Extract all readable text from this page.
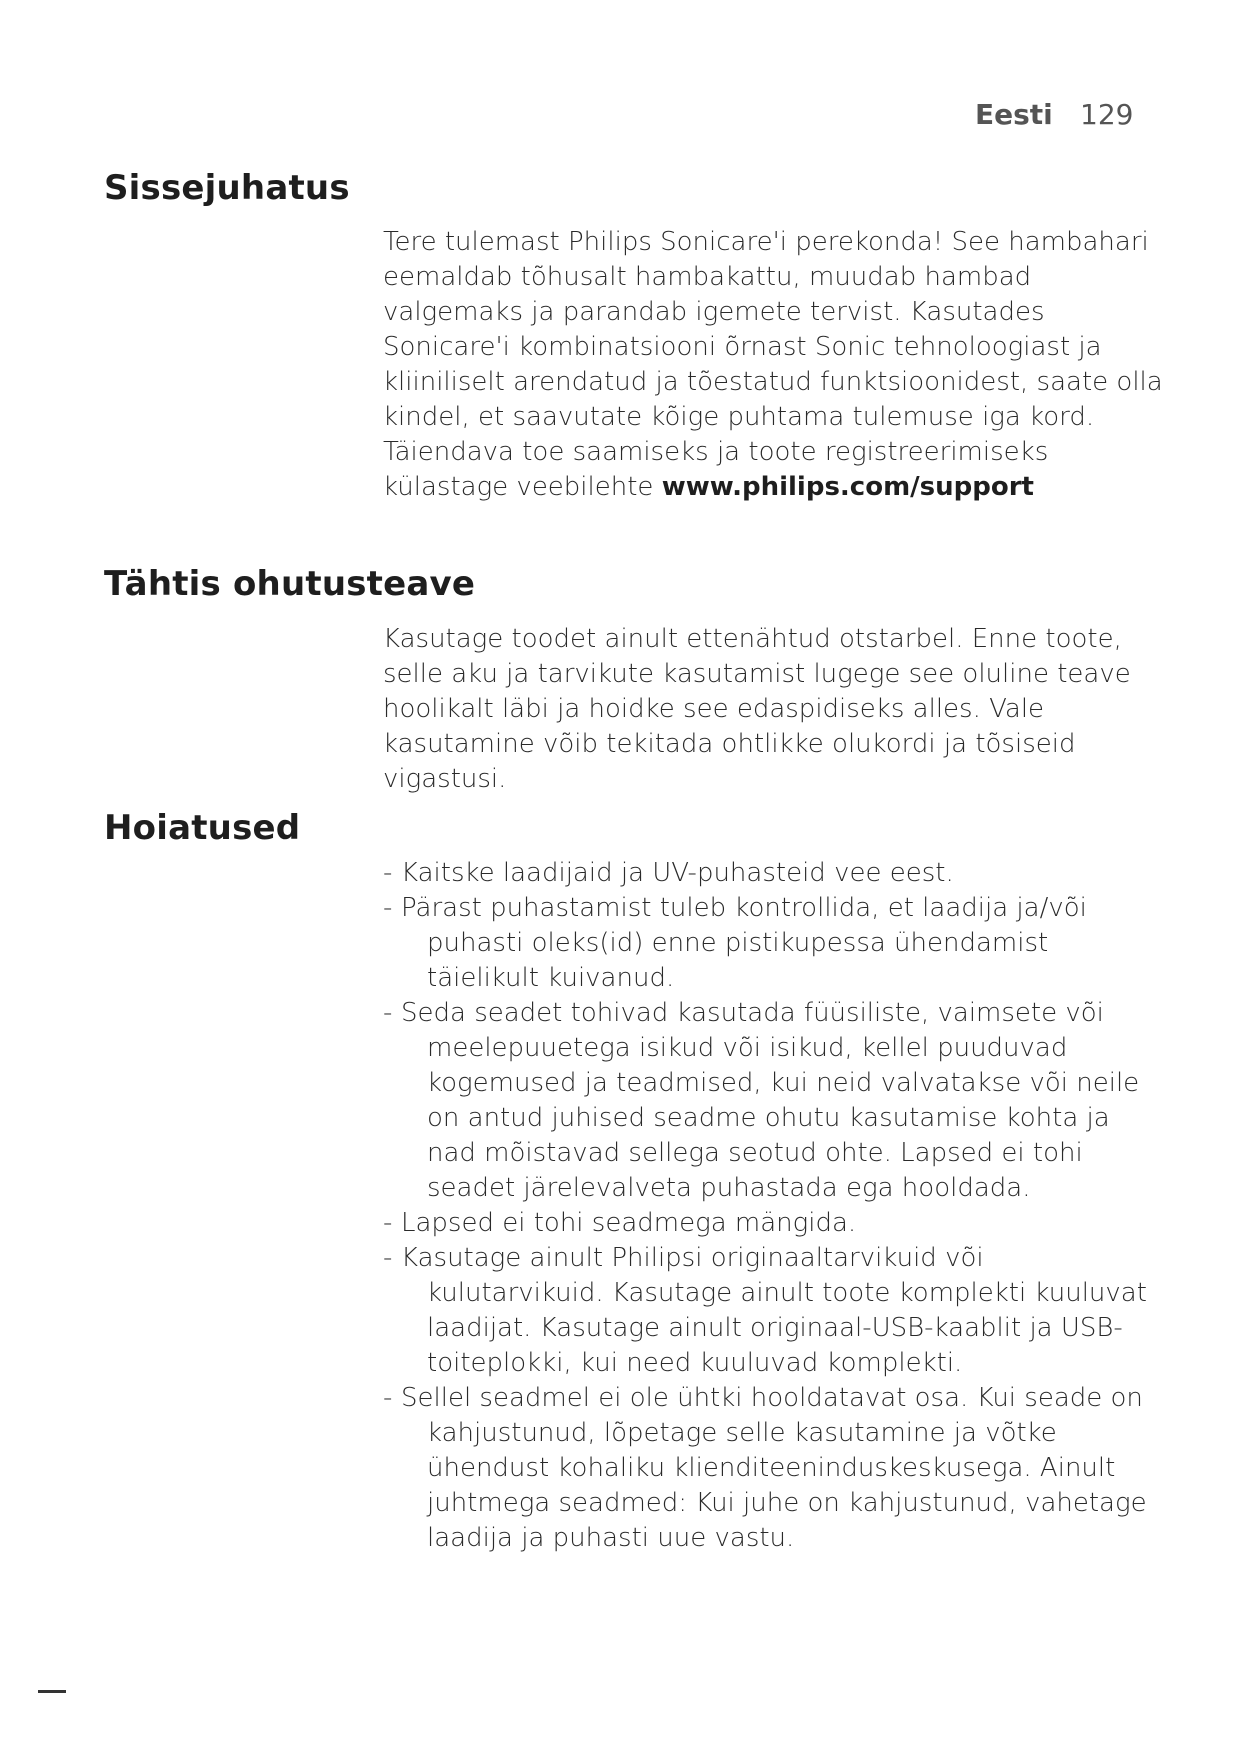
Eesti 129
Sissejuhatus

Tere tulemast Philips Sonicare'i perekonda! See hambahari eemaldab tõhusalt hambakattu, muudab hambad valgemaks ja parandab igemete tervist. Kasutades Sonicare'i kombinatsiooni õrnast Sonic tehnoloogiast ja kliiniliselt arendatud ja tõestatud funktsioonidest, saate olla kindel, et saavutate kõige puhtama tulemuse iga kord.

Täiendava toe saamiseks ja toote registreerimiseks külastage veebilehte www.philips.com/support

Tähtis ohutusteave

Kasutage toodet ainult ettenähtud otstarbel. Enne toote, selle aku ja tarvikute kasutamist lugege see oluline teave hoolikalt läbi ja hoidke see edaspidiseks alles. Vale kasutamine võib tekitada ohtlikke olukordi ja tõsiseid vigastusi.

Hoiatused
- Kaitske laadijaid ja UV-puhasteid vee eest.
- Pärast puhastamist tuleb kontrollida, et laadija ja/või puhasti oleks(id) enne pistikupessa ühendamist täielikult kuivanud.
- Seda seadet tohivad kasutada füüsiliste, vaimsete või meelepuuetega isikud või isikud, kellel puuduvad kogemused ja teadmised, kui neid valvatakse või neile on antud juhised seadme ohutu kasutamise kohta ja nad mõistavad sellega seotud ohte. Lapsed ei tohi seadet järelevalveta puhastada ega hooldada.
- Lapsed ei tohi seadmega mängida.
- Kasutage ainult Philipsi originaaltarvikuid või kulutarvikuid. Kasutage ainult toote komplekti kuuluvat laadijat. Kasutage ainult originaal-USB-kaablit ja USB-toiteplokki, kui need kuuluvad komplekti.
- Sellel seadmel ei ole ühtki hooldatavat osa. Kui seade on kahjustunud, lõpetage selle kasutamine ja võtke ühendust kohaliku klienditeeninduskeskusega. Ainult juhtmega seadmed: Kui juhe on kahjustunud, vahetage laadija ja puhasti uue vastu.
